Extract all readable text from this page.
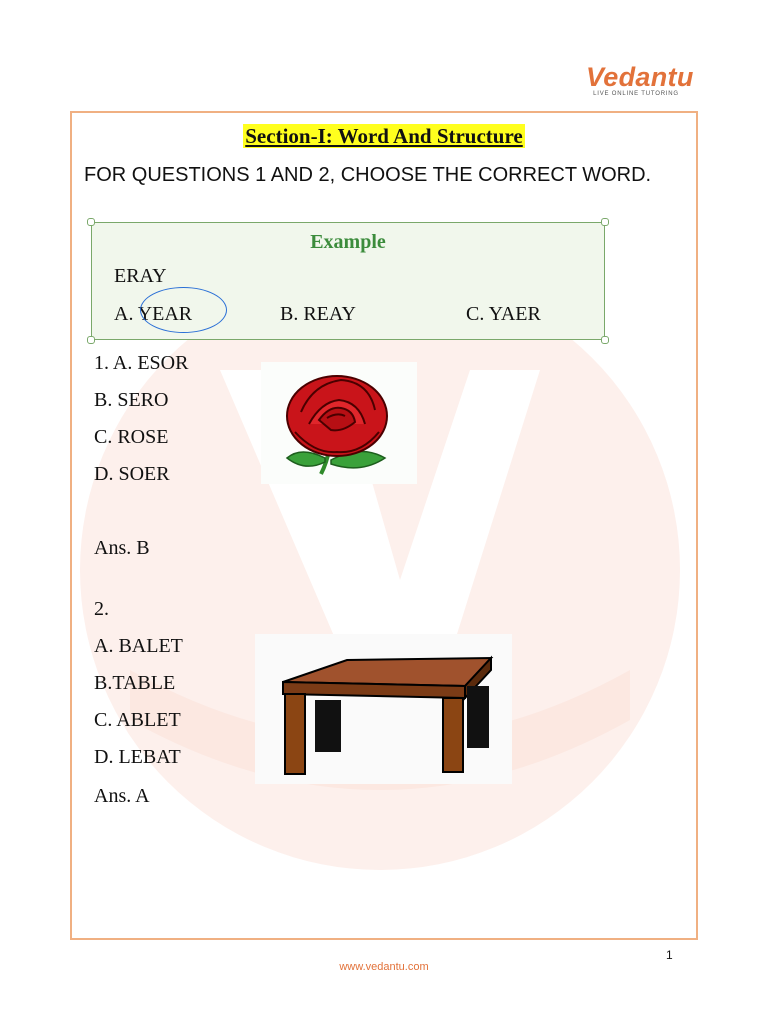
Vedantu
LIVE ONLINE TUTORING
Section-I: Word And Structure
FOR QUESTIONS 1 AND 2, CHOOSE THE CORRECT WORD.
Example
ERAY
A. YEAR	B. REAY	C. YAER
1. A. ESOR
B. SERO
C. ROSE
D. SOER
Ans. B
2.
A. BALET
B.TABLE
C. ABLET
D. LEBAT
Ans. A
www.vedantu.com
1
